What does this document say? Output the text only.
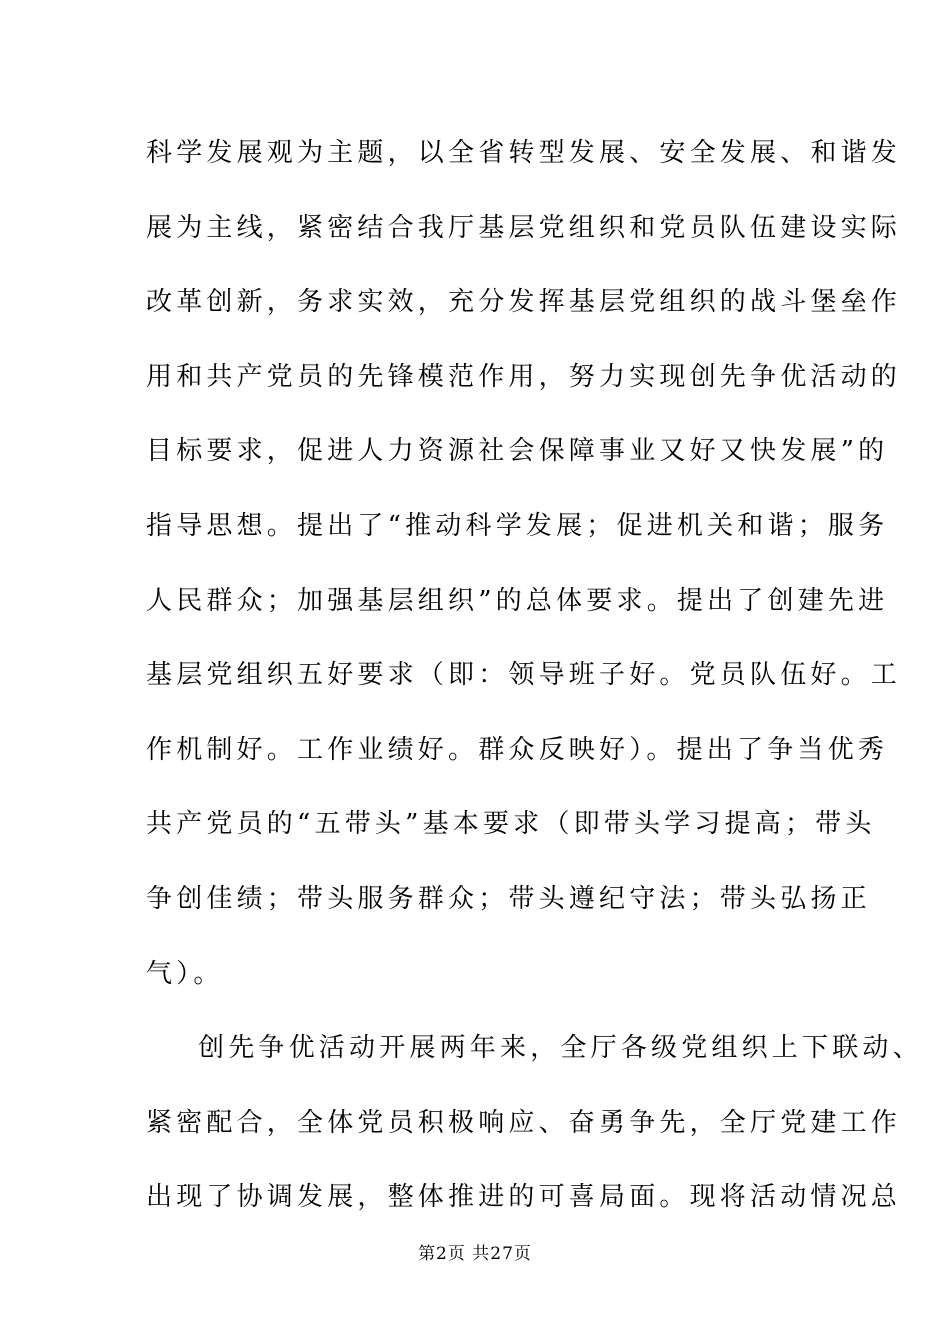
科学发展观为主题，以全省转型发展、安全发展、和谐发
展为主线，紧密结合我厅基层党组织和党员队伍建设实际
改革创新，务求实效，充分发挥基层党组织的战斗堡垒作
用和共产党员的先锋模范作用，努力实现创先争优活动的
目标要求，促进人力资源社会保障事业又好又快发展”的
指导思想。提出了“推动科学发展；促进机关和谐；服务
人民群众；加强基层组织”的总体要求。提出了创建先进
基层党组织五好要求（即：领导班子好。党员队伍好。工
作机制好。工作业绩好。群众反映好）。提出了争当优秀
共产党员的“五带头”基本要求（即带头学习提高；带头
争创佳绩；带头服务群众；带头遵纪守法；带头弘扬正
气）。
创先争优活动开展两年来，全厅各级党组织上下联动、
紧密配合，全体党员积极响应、奋勇争先，全厅党建工作
出现了协调发展，整体推进的可喜局面。现将活动情况总
第2页 共27页
